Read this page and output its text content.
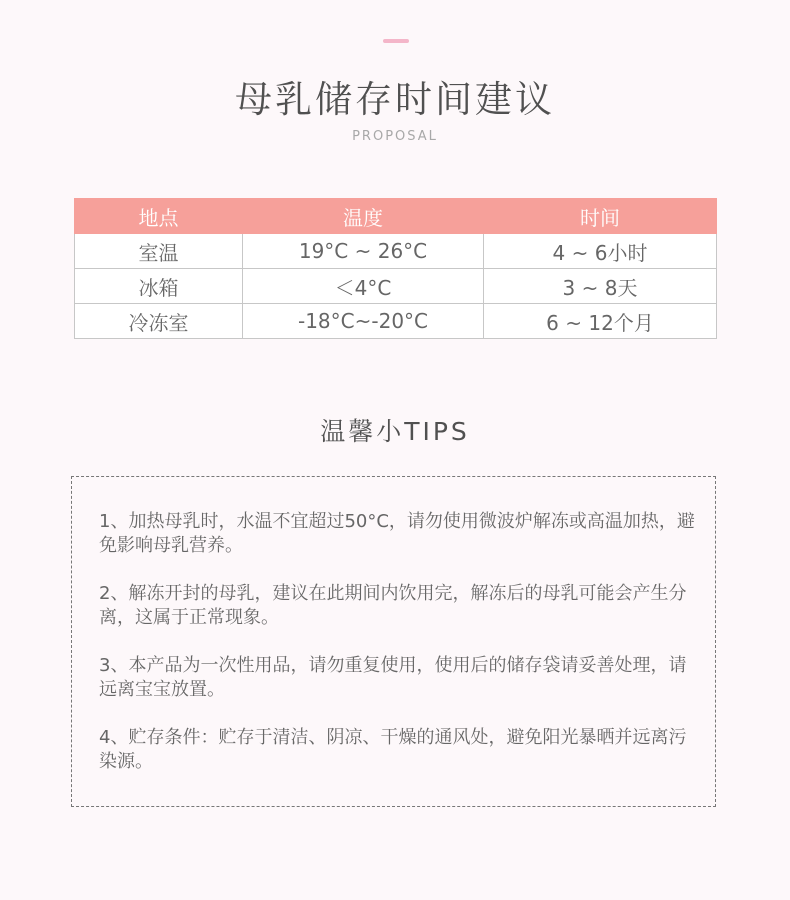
母乳储存时间建议
PROPOSAL
地点	温度	时间
室温	19°C ~ 26°C	4 ~ 6小时
冰箱	＜4°C	3 ~ 8天
冷冻室	-18°C~-20°C	6 ~ 12个月
温馨小TIPS

1、加热母乳时，水温不宜超过50°C，请勿使用微波炉解冻或高温加热，避免影响母乳营养。

2、解冻开封的母乳，建议在此期间内饮用完，解冻后的母乳可能会产生分离，这属于正常现象。

3、本产品为一次性用品，请勿重复使用，使用后的储存袋请妥善处理，请远离宝宝放置。

4、贮存条件：贮存于清洁、阴凉、干燥的通风处，避免阳光暴晒并远离污染源。
